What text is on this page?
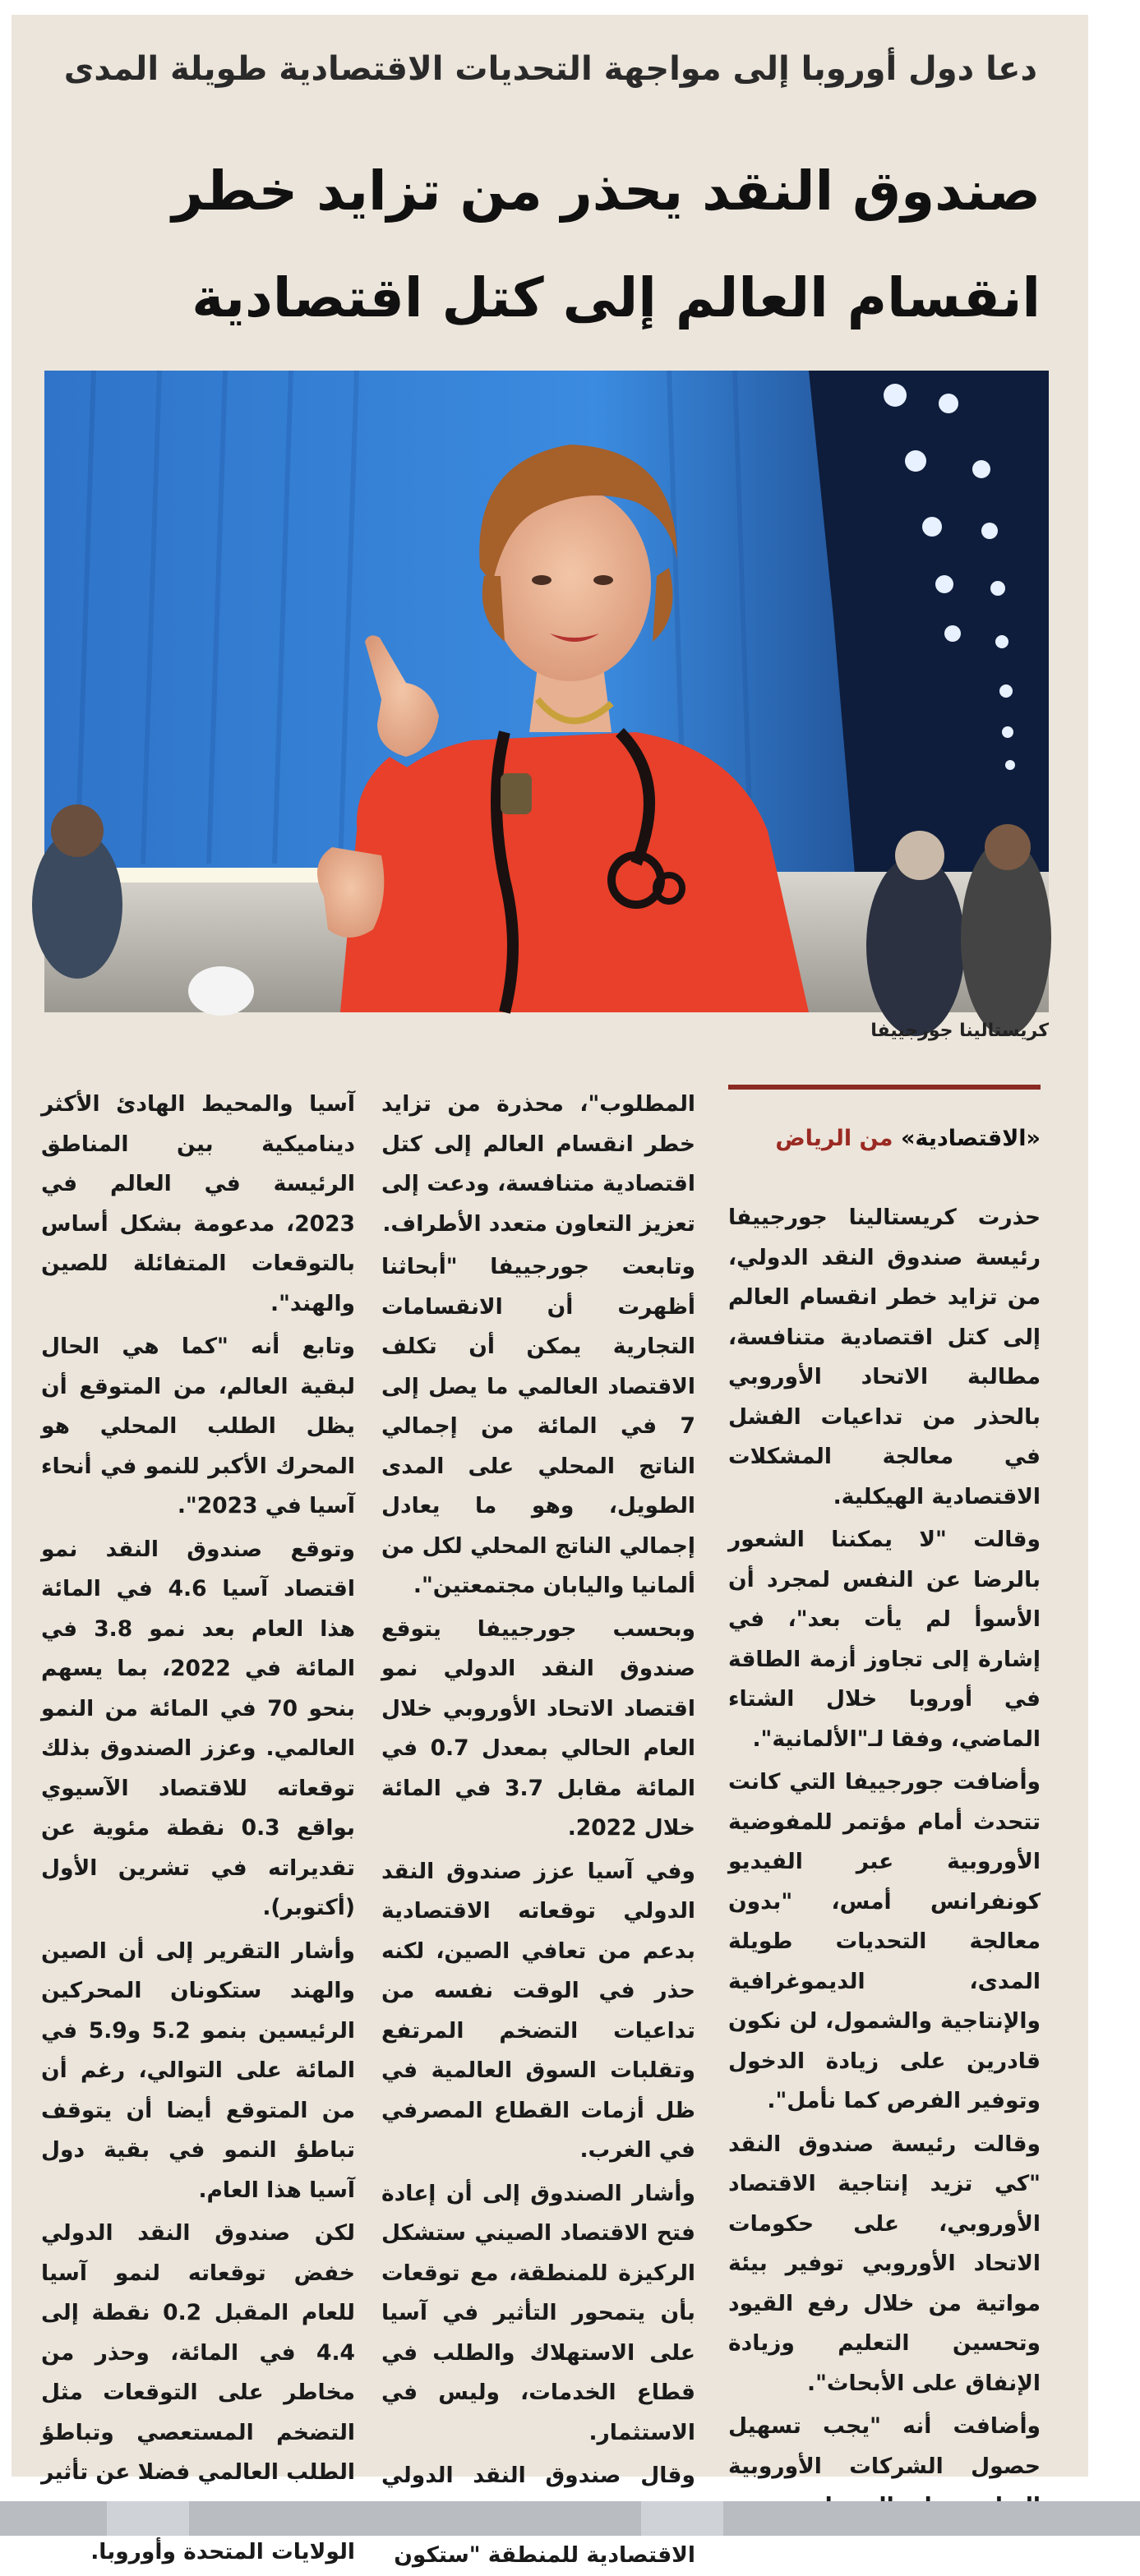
دعا دول أوروبا إلى مواجهة التحديات الاقتصادية طويلة المدى
صندوق النقد يحذر من تزايد خطر انقسام العالم إلى كتل اقتصادية

كريستالينا جورجييفا

«الاقتصادية» من الرياض

حذرت كريستالينا جورجييفا رئيسة صندوق النقد الدولي، من تزايد خطر انقسام العالم إلى كتل اقتصادية متنافسة، مطالبة الاتحاد الأوروبي بالحذر من تداعيات الفشل في معالجة المشكلات الاقتصادية الهيكلية.

وقالت "لا يمكننا الشعور بالرضا عن النفس لمجرد أن الأسوأ لم يأت بعد"، في إشارة إلى تجاوز أزمة الطاقة في أوروبا خلال الشتاء الماضي، وفقا لـ"الألمانية".

وأضافت جورجييفا التي كانت تتحدث أمام مؤتمر للمفوضية الأوروبية عبر الفيديو كونفرانس أمس، "بدون معالجة التحديات طويلة المدى، الديموغرافية والإنتاجية والشمول، لن نكون قادرين على زيادة الدخول وتوفير الفرص كما نأمل".

وقالت رئيسة صندوق النقد "كي تزيد إنتاجية الاقتصاد الأوروبي، على حكومات الاتحاد الأوروبي توفير بيئة مواتية من خلال رفع القيود وتحسين التعليم وزيادة الإنفاق على الأبحاث".

وأضافت أنه "يجب تسهيل حصول الشركات الأوروبية

المطلوب"، محذرة من تزايد خطر انقسام العالم إلى كتل اقتصادية متنافسة، ودعت إلى تعزيز التعاون متعدد الأطراف.

وتابعت جورجييفا "أبحاثنا أظهرت أن الانقسامات التجارية يمكن أن تكلف الاقتصاد العالمي ما يصل إلى 7 في المائة من إجمالي الناتج المحلي على المدى الطويل، وهو ما يعادل إجمالي الناتج المحلي لكل من ألمانيا واليابان مجتمعتين".

وبحسب جورجييفا يتوقع صندوق النقد الدولي نمو اقتصاد الاتحاد الأوروبي خلال العام الحالي بمعدل 0.7 في المائة مقابل 3.7 في المائة خلال 2022.

وفي آسيا عزز صندوق النقد الدولي توقعاته الاقتصادية بدعم من تعافي الصين، لكنه حذر في الوقت نفسه من تداعيات التضخم المرتفع وتقلبات السوق العالمية في ظل أزمات القطاع المصرفي في الغرب.

وأشار الصندوق إلى أن إعادة فتح الاقتصاد الصيني ستشكل الركيزة للمنطقة، مع توقعات بأن يتمحور التأثير في آسيا على الاستهلاك والطلب في قطاع الخدمات، وليس في الاستثمار.

وقال صندوق النقد الدولي الاقتصادية للمنطقة "ستكون

آسيا والمحيط الهادئ الأكثر ديناميكية بين المناطق الرئيسة في العالم في 2023، مدعومة بشكل أساس بالتوقعات المتفائلة للصين والهند".

وتابع أنه "كما هي الحال لبقية العالم، من المتوقع أن يظل الطلب المحلي هو المحرك الأكبر للنمو في أنحاء آسيا في 2023".

وتوقع صندوق النقد نمو اقتصاد آسيا 4.6 في المائة هذا العام بعد نمو 3.8 في المائة في 2022، بما يسهم بنحو 70 في المائة من النمو العالمي. وعزز الصندوق بذلك توقعاته للاقتصاد الآسيوي بواقع 0.3 نقطة مئوية عن تقديراته في تشرين الأول (أكتوبر).

وأشار التقرير إلى أن الصين والهند ستكونان المحركين الرئيسين بنمو 5.2 و5.9 في المائة على التوالي، رغم أن من المتوقع أيضا أن يتوقف تباطؤ النمو في بقية دول آسيا هذا العام.

لكن صندوق النقد الدولي خفض توقعاته لنمو آسيا للعام المقبل 0.2 نقطة إلى 4.4 في المائة، وحذر من مخاطر على التوقعات مثل التضخم المستعصي وتباطؤ الطلب العالمي فضلا عن تأثير الولايات المتحدة وأوروبا.
